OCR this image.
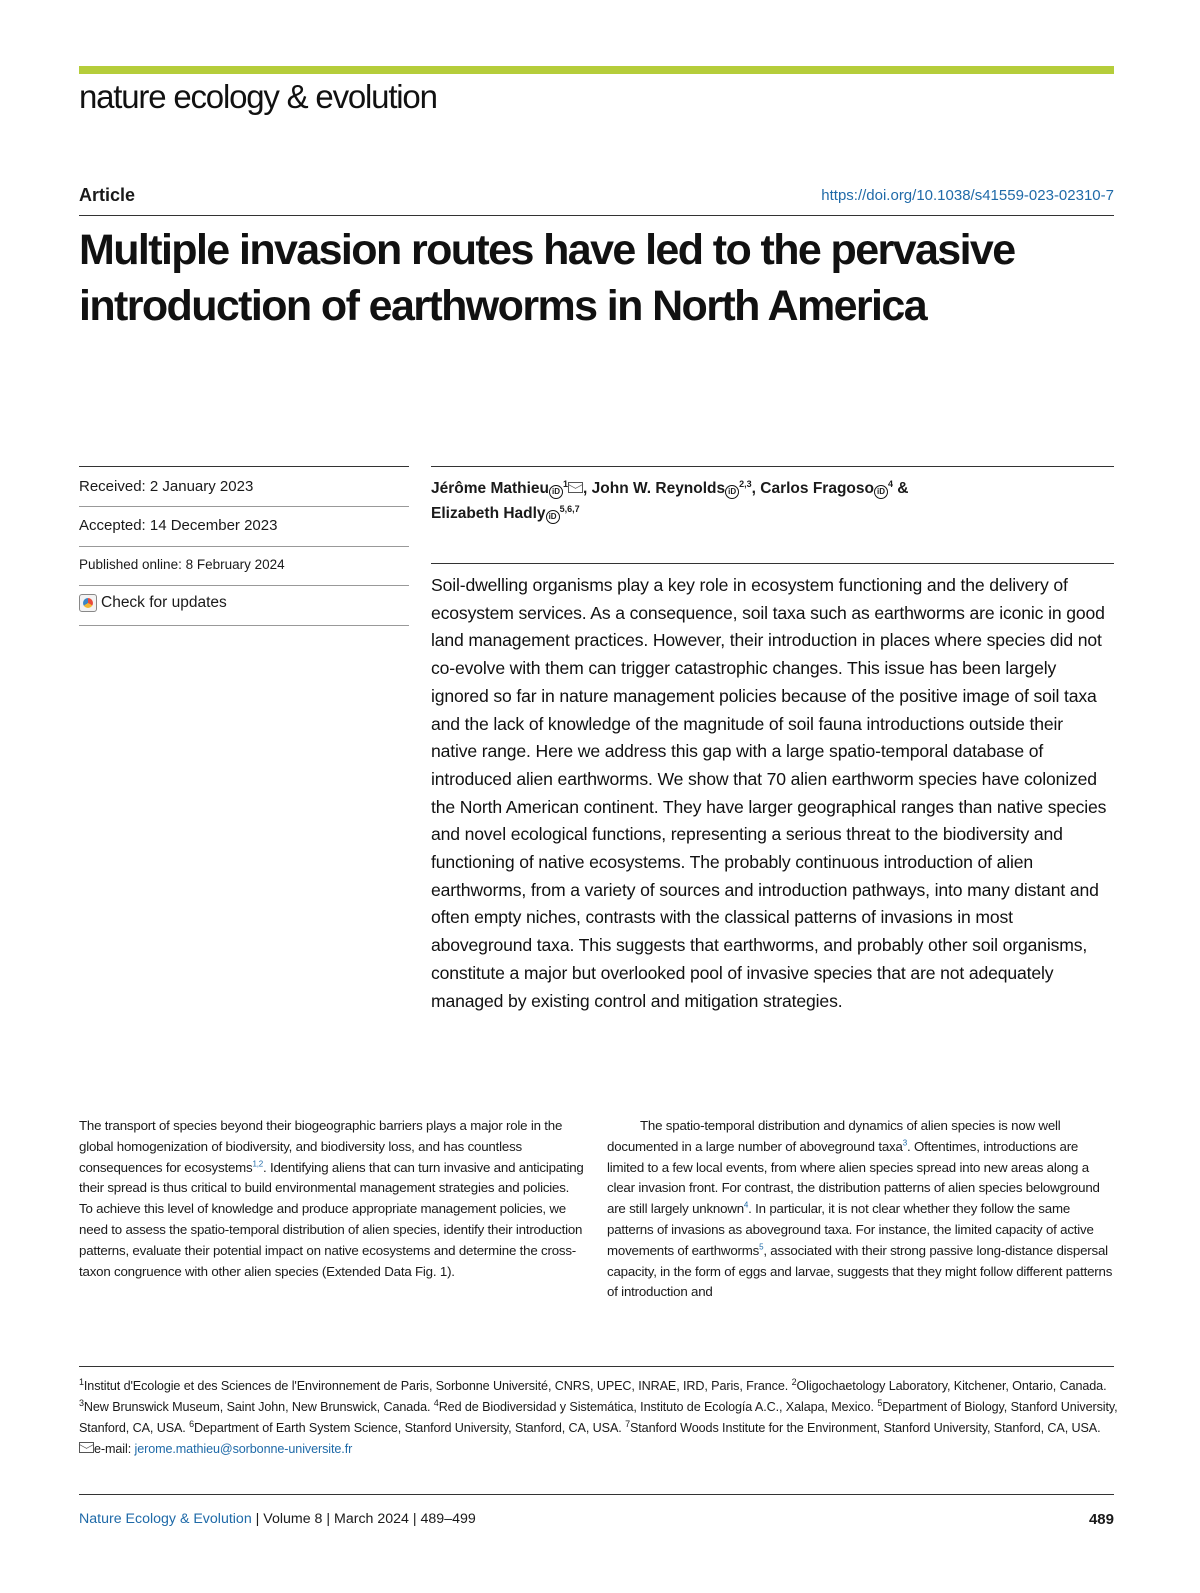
nature ecology & evolution
Article	https://doi.org/10.1038/s41559-023-02310-7
Multiple invasion routes have led to the pervasive introduction of earthworms in North America
Received: 2 January 2023
Accepted: 14 December 2023
Published online: 8 February 2024
Check for updates
Jérôme Mathieu $iD^1$ , John W. Reynolds iD$^{2,3}$, Carlos Fragoso $iD^4$ &
Elizabeth Hadly iD$^{5,6,7}$

Soil-dwelling organisms play a key role in ecosystem functioning and the delivery of ecosystem services. As a consequence, soil taxa such as earthworms are iconic in good land management practices. However, their introduction in places where species did not co-evolve with them can trigger catastrophic changes. This issue has been largely ignored so far in nature management policies because of the positive image of soil taxa and the lack of knowledge of the magnitude of soil fauna introductions outside their native range. Here we address this gap with a large spatio-temporal database of introduced alien earthworms. We show that 70 alien earthworm species have colonized the North American continent. They have larger geographical ranges than native species and novel ecological functions, representing a serious threat to the biodiversity and functioning of native ecosystems. The probably continuous introduction of alien earthworms, from a variety of sources and introduction pathways, into many distant and often empty niches, contrasts with the classical patterns of invasions in most aboveground taxa. This suggests that earthworms, and probably other soil organisms, constitute a major but overlooked pool of invasive species that are not adequately managed by existing control and mitigation strategies.

The transport of species beyond their biogeographic barriers plays a major role in the global homogenization of biodiversity, and biodiversity loss, and has countless consequences for ecosystems$^{1,2}$. Identifying aliens that can turn invasive and anticipating their spread is thus critical to build environmental management strategies and policies. To achieve this level of knowledge and produce appropriate management policies, we need to assess the spatio-temporal distribution of alien species, identify their introduction patterns, evaluate their potential impact on native ecosystems and determine the cross-taxon congruence with other alien species (Extended Data Fig. 1).

The spatio-temporal distribution and dynamics of alien species is now well documented in a large number of aboveground taxa$^3$. Oftentimes, introductions are limited to a few local events, from where alien species spread into new areas along a clear invasion front. For contrast, the distribution patterns of alien species belowground are still largely unknown$^4$. In particular, it is not clear whether they follow the same patterns of invasions as aboveground taxa. For instance, the limited capacity of active movements of earthworms$^5$, associated with their strong passive long-distance dispersal capacity, in the form of eggs and larvae, suggests that they might follow different patterns of introduction and

$^1$Institut d'Ecologie et des Sciences de l'Environnement de Paris, Sorbonne Université, CNRS, UPEC, INRAE, IRD, Paris, France. $^2$Oligochaetology Laboratory, Kitchener, Ontario, Canada. $^3$New Brunswick Museum, Saint John, New Brunswick, Canada. $^4$Red de Biodiversidad y Sistemática, Instituto de Ecología A.C., Xalapa, Mexico. $^5$Department of Biology, Stanford University, Stanford, CA, USA. $^6$Department of Earth System Science, Stanford University, Stanford, CA, USA. $^7$Stanford Woods Institute for the Environment, Stanford University, Stanford, CA, USA.
e-mail: jerome.mathieu@sorbonne-universite.fr

Nature Ecology & Evolution | Volume 8 | March 2024 | 489–499	489
